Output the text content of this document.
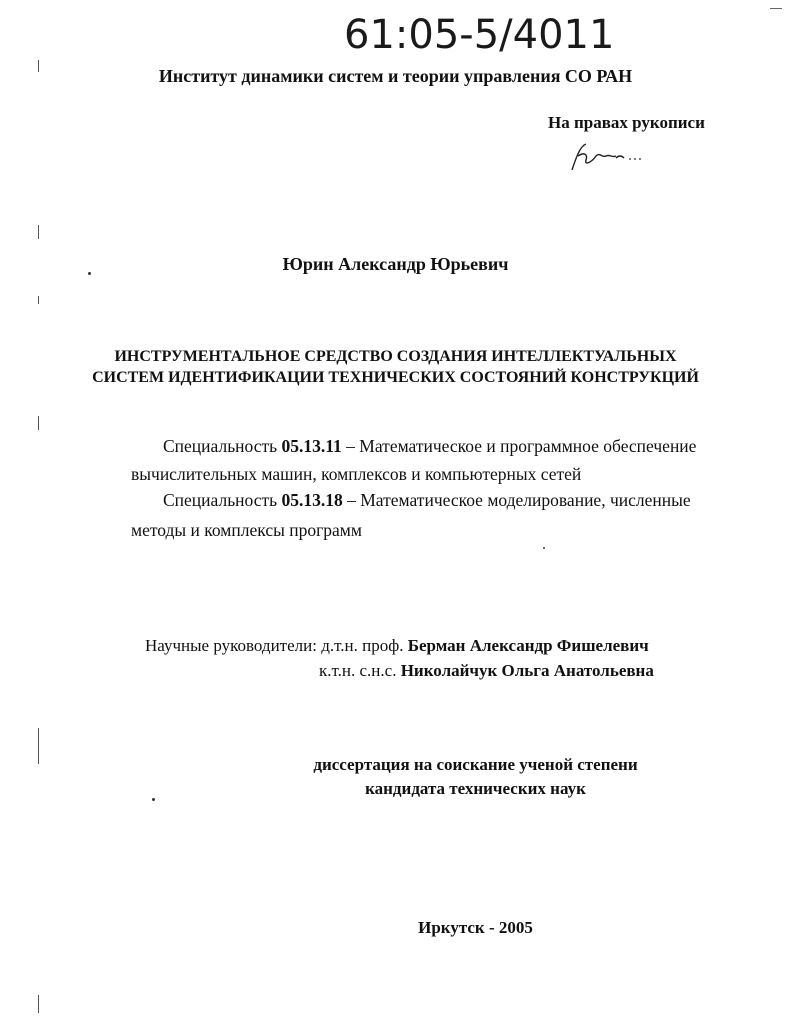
61:05-5/4011
Институт динамики систем и теории управления СО РАН
На правах рукописи
Юрин Александр Юрьевич
ИНСТРУМЕНТАЛЬНОЕ СРЕДСТВО СОЗДАНИЯ ИНТЕЛЛЕКТУАЛЬНЫХ
СИСТЕМ ИДЕНТИФИКАЦИИ ТЕХНИЧЕСКИХ СОСТОЯНИЙ КОНСТРУКЦИЙ
Специальность 05.13.11 – Математическое и программное обеспечение
вычислительных машин, комплексов и компьютерных сетей
Специальность 05.13.18 – Математическое моделирование, численные
методы и комплексы программ
Научные руководители: д.т.н. проф. Берман Александр Фишелевич
к.т.н. с.н.с. Николайчук Ольга Анатольевна
диссертация на соискание ученой степени
кандидата технических наук
Иркутск - 2005
